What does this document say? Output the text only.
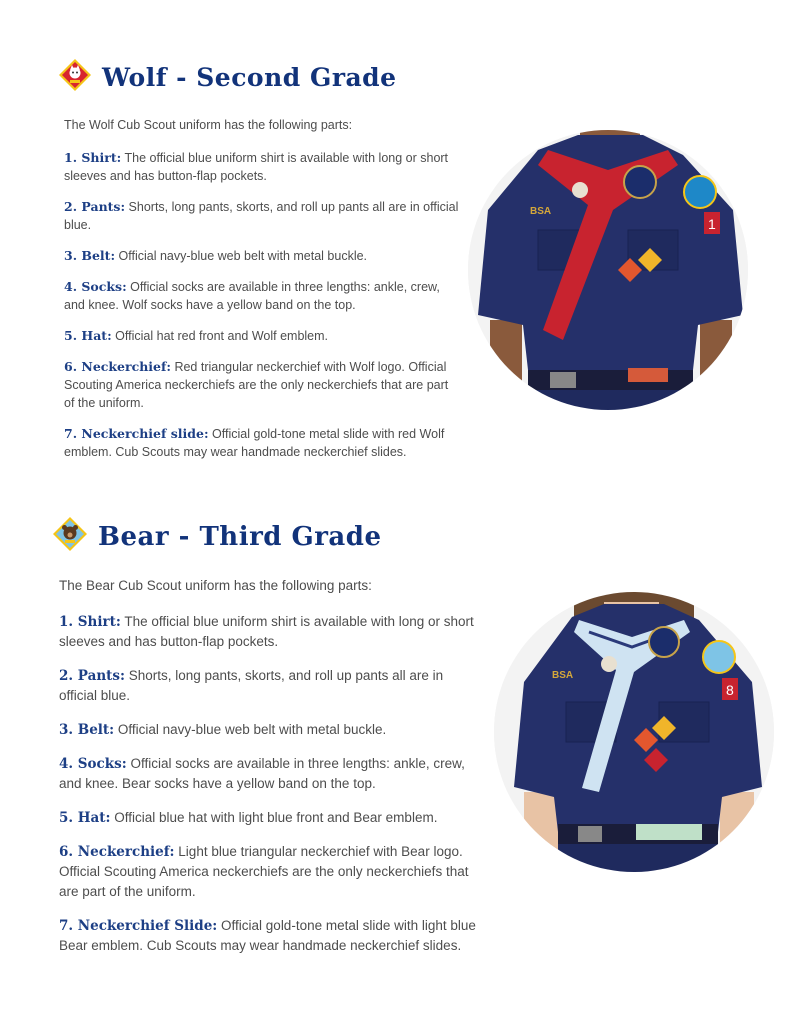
Wolf - Second Grade

The Wolf Cub Scout uniform has the following parts:

1. Shirt: The official blue uniform shirt is available with long or short sleeves and has button-flap pockets.
2. Pants: Shorts, long pants, skorts, and roll up pants all are in official blue.
3. Belt: Official navy-blue web belt with metal buckle.
4. Socks: Official socks are available in three lengths: ankle, crew, and knee. Wolf socks have a yellow band on the top.
5. Hat: Official hat red front and Wolf emblem.
6. Neckerchief: Red triangular neckerchief with Wolf logo. Official Scouting America neckerchiefs are the only neckerchiefs that are part of the uniform.
7. Neckerchief slide: Official gold-tone metal slide with red Wolf emblem. Cub Scouts may wear handmade neckerchief slides.
1
BSA
Bear - Third Grade

The Bear Cub Scout uniform has the following parts:

1. Shirt: The official blue uniform shirt is available with long or short sleeves and has button-flap pockets.
2. Pants: Shorts, long pants, skorts, and roll up pants all are in official blue.
3. Belt: Official navy-blue web belt with metal buckle.
4. Socks: Official socks are available in three lengths: ankle, crew, and knee. Bear socks have a yellow band on the top.
5. Hat: Official blue hat with light blue front and Bear emblem.
6. Neckerchief: Light blue triangular neckerchief with Bear logo. Official Scouting America neckerchiefs are the only neckerchiefs that are part of the uniform.
7. Neckerchief Slide: Official gold-tone metal slide with light blue Bear emblem. Cub Scouts may wear handmade neckerchief slides.
8
BSA
